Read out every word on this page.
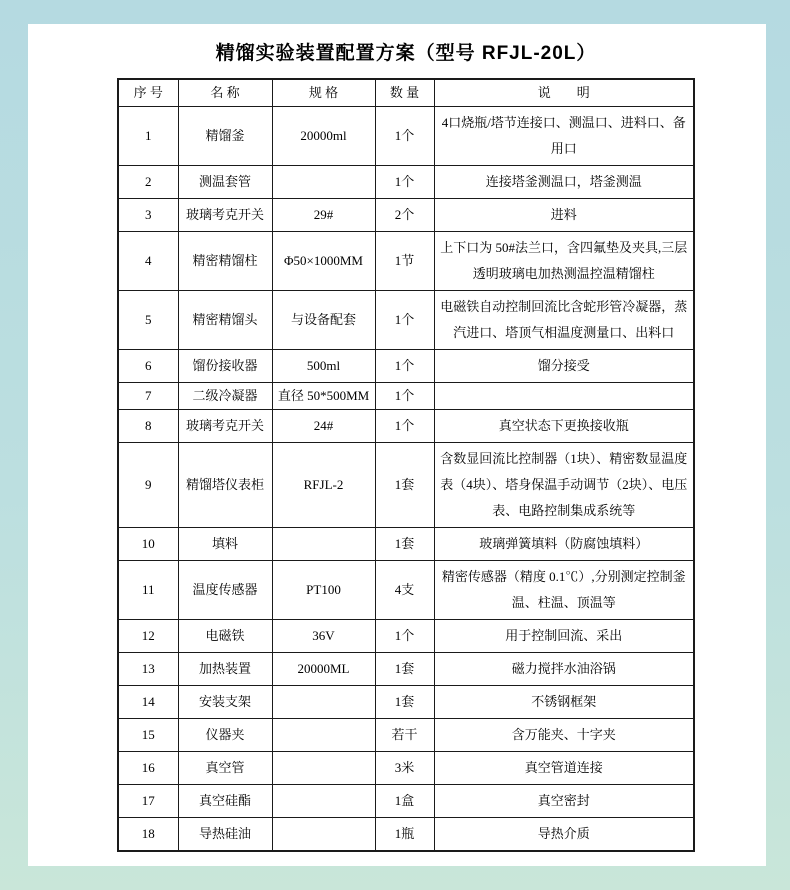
精馏实验装置配置方案（型号 RFJL-20L）
序 号	名 称	规 格	数 量	说　　明
1	精馏釜	20000ml	1个	4口烧瓶/塔节连接口、测温口、进料口、备用口
2	测温套管		1个	连接塔釜测温口，塔釜测温
3	玻璃考克开关	29#	2个	进料
4	精密精馏柱	Φ50×1000MM	1节	上下口为 50#法兰口，含四氟垫及夹具,三层透明玻璃电加热测温控温精馏柱
5	精密精馏头	与设备配套	1个	电磁铁自动控制回流比含蛇形管冷凝器，蒸汽进口、塔顶气相温度测量口、出料口
6	馏份接收器	500ml	1个	馏分接受
7	二级冷凝器	直径 50*500MM	1个	
8	玻璃考克开关	24#	1个	真空状态下更换接收瓶
9	精馏塔仪表柜	RFJL-2	1套	含数显回流比控制器（1块）、精密数显温度表（4块）、塔身保温手动调节（2块）、电压表、电路控制集成系统等
10	填料		1套	玻璃弹簧填料（防腐蚀填料）
11	温度传感器	PT100	4支	精密传感器（精度 0.1℃）,分别测定控制釜温、柱温、顶温等
12	电磁铁	36V	1个	用于控制回流、采出
13	加热装置	20000ML	1套	磁力搅拌水油浴锅
14	安装支架		1套	不锈钢框架
15	仪器夹		若干	含万能夹、十字夹
16	真空管		3米	真空管道连接
17	真空硅酯		1盒	真空密封
18	导热硅油		1瓶	导热介质
